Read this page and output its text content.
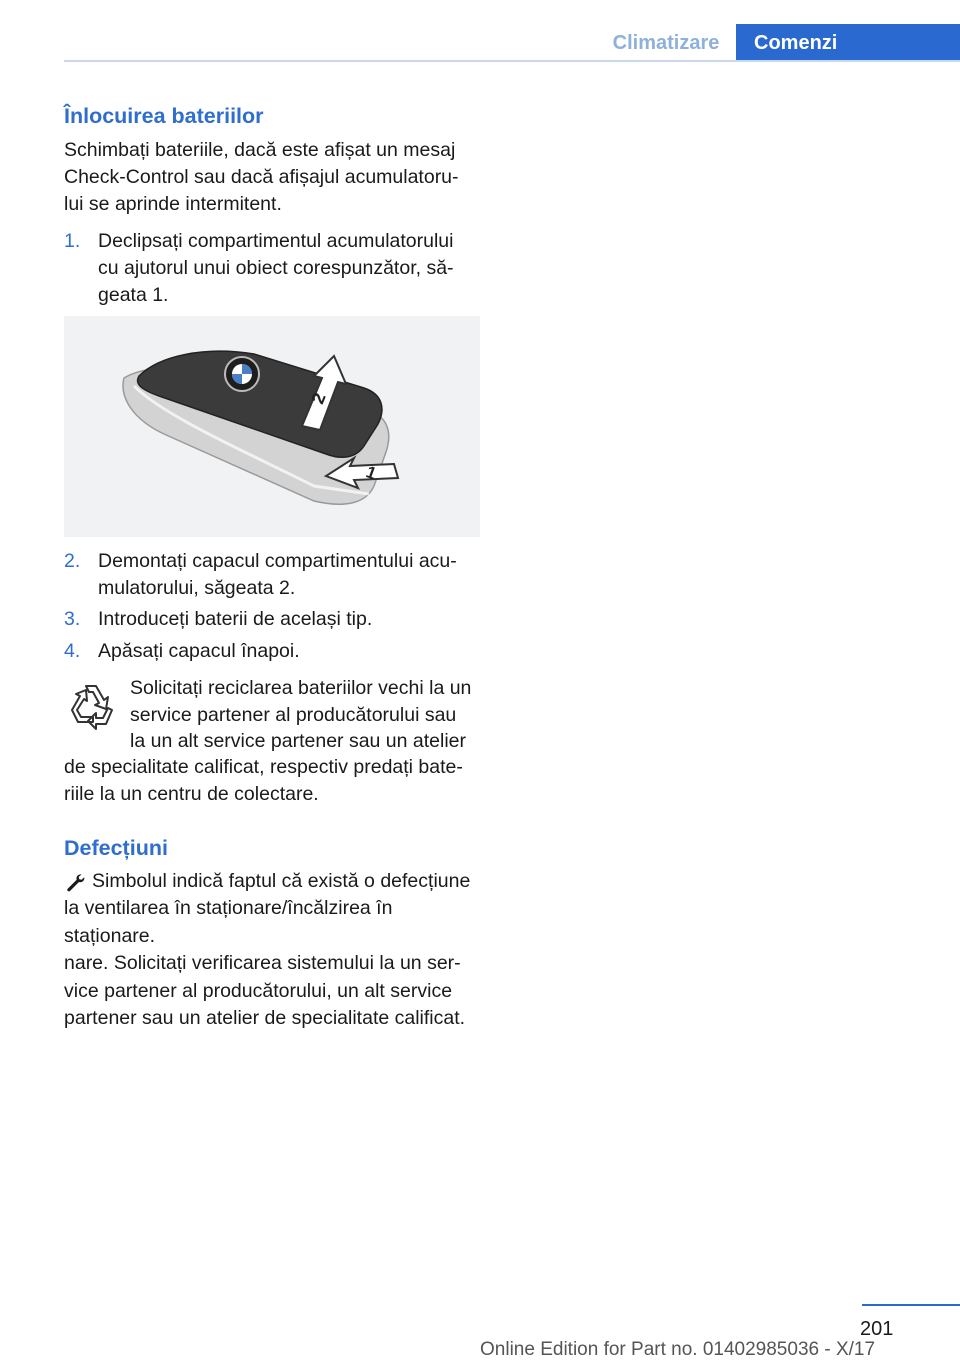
Climatizare	Comenzi
Înlocuirea bateriilor
Schimbați bateriile, dacă este afișat un mesaj
Check-Control sau dacă afișajul acumulatoru-
lui se aprinde intermitent.
1. Declipsați compartimentul acumulatorului
cu ajutorul unui obiect corespunzător, să-
geata 1.
2
1
2. Demontați capacul compartimentului acu-
mulatorului, săgeata 2.
3. Introduceți baterii de același tip.
4. Apăsați capacul înapoi.
Solicitați reciclarea bateriilor vechi la un
service partener al producătorului sau
la un alt service partener sau un atelier
de specialitate calificat, respectiv predați bate-
riile la un centru de colectare.
Defecțiuni
Simbolul indică faptul că există o defecțiune
la ventilarea în staționare/încălzirea în staționare.
nare. Solicitați verificarea sistemului la un ser-
vice partener al producătorului, un alt service
partener sau un atelier de specialitate calificat.
201
Online Edition for Part no. 01402985036 - X/17
